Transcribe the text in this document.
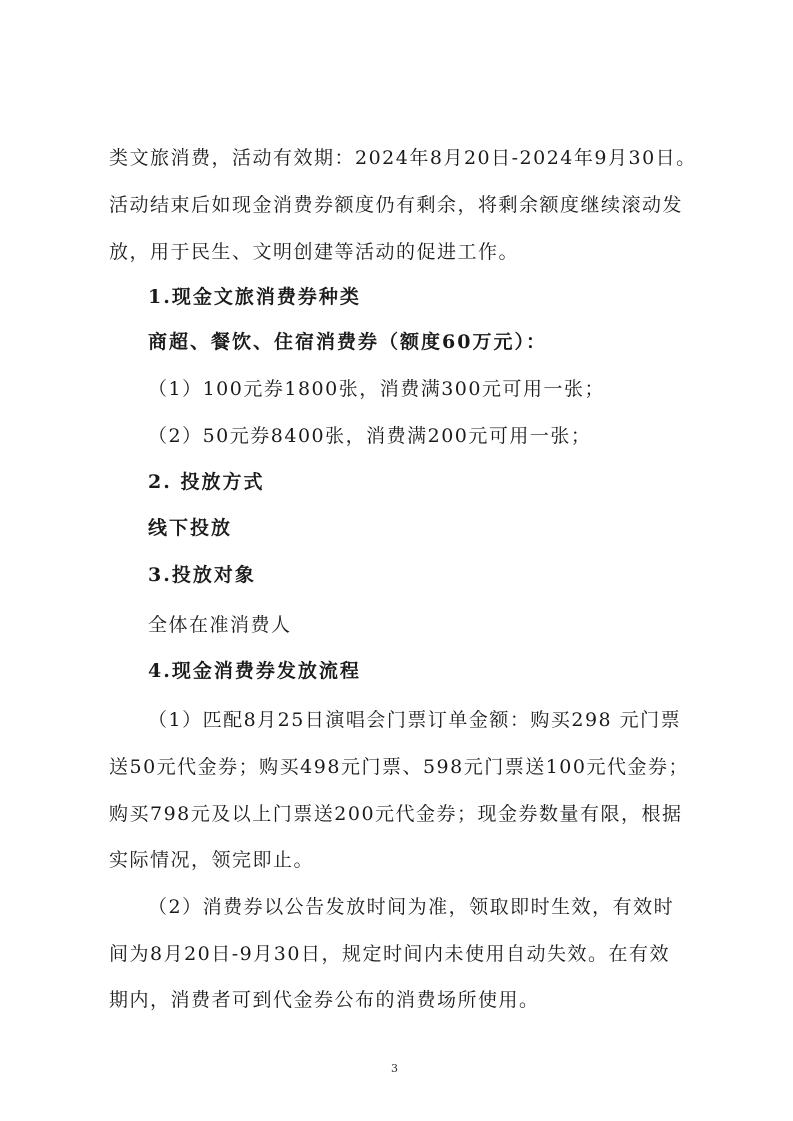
类文旅消费，活动有效期：2024年8月20日-2024年9月30日。
活动结束后如现金消费券额度仍有剩余，将剩余额度继续滚动发
放，用于民生、文明创建等活动的促进工作。
1.现金文旅消费券种类
商超、餐饮、住宿消费券（额度60万元）：
（1）100元券1800张，消费满300元可用一张；
（2）50元券8400张，消费满200元可用一张；
2. 投放方式
线下投放
3.投放对象
全体在准消费人
4.现金消费券发放流程
（1）匹配8月25日演唱会门票订单金额：购买298 元门票
送50元代金券；购买498元门票、598元门票送100元代金券；
购买798元及以上门票送200元代金券；现金券数量有限，根据
实际情况，领完即止。
（2）消费券以公告发放时间为准，领取即时生效，有效时
间为8月20日-9月30日，规定时间内未使用自动失效。在有效
期内，消费者可到代金券公布的消费场所使用。
3
